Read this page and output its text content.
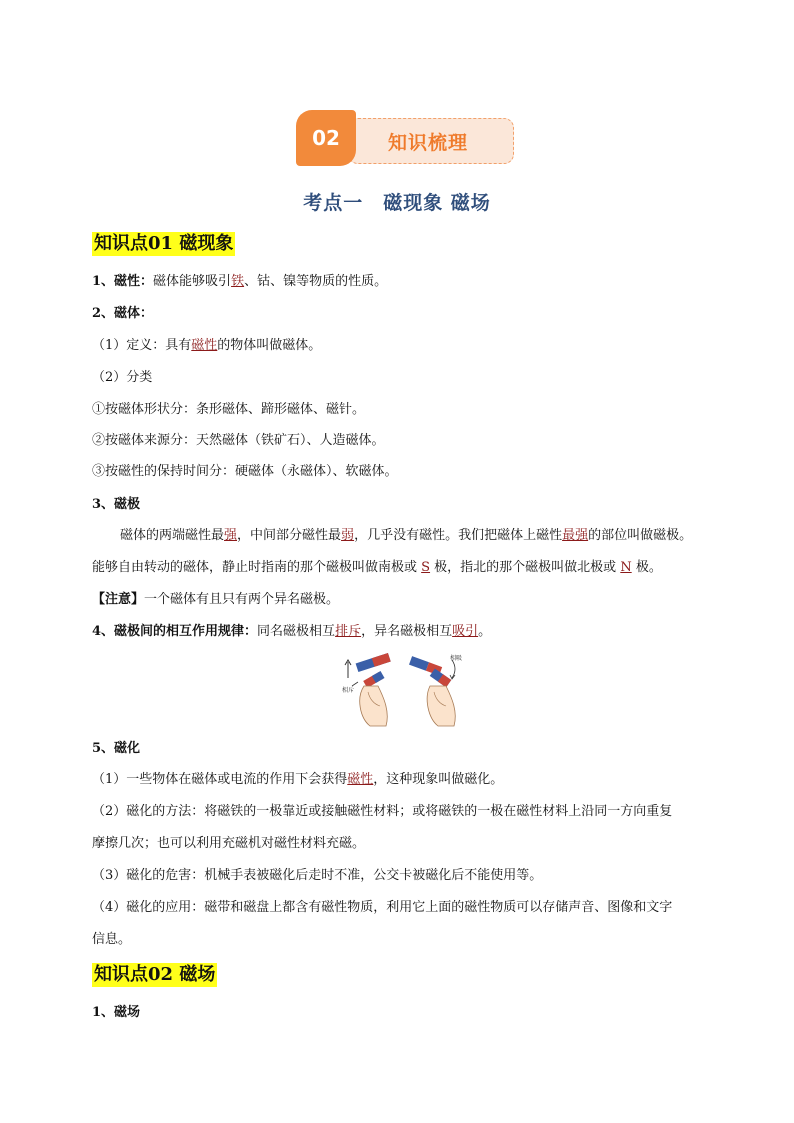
知识梳理
02
考点一　磁现象 磁场
知识点01 磁现象
1、磁性：磁体能够吸引铁、钴、镍等物质的性质。
2、磁体：
（1）定义：具有磁性的物体叫做磁体。
（2）分类
①按磁体形状分：条形磁体、蹄形磁体、磁针。
②按磁体来源分：天然磁体（铁矿石）、人造磁体。
③按磁性的保持时间分：硬磁体（永磁体）、软磁体。
3、磁极
磁体的两端磁性最强，中间部分磁性最弱，几乎没有磁性。我们把磁体上磁性最强的部位叫做磁极。
能够自由转动的磁体，静止时指南的那个磁极叫做南极或 S 极，指北的那个磁极叫做北极或 N 极。
【注意】一个磁体有且只有两个异名磁极。
4、磁极间的相互作用规律：同名磁极相互排斥，异名磁极相互吸引。
相斥
相吸
5、磁化
（1）一些物体在磁体或电流的作用下会获得磁性，这种现象叫做磁化。
（2）磁化的方法：将磁铁的一极靠近或接触磁性材料；或将磁铁的一极在磁性材料上沿同一方向重复
摩擦几次；也可以利用充磁机对磁性材料充磁。
（3）磁化的危害：机械手表被磁化后走时不准，公交卡被磁化后不能使用等。
（4）磁化的应用：磁带和磁盘上都含有磁性物质，利用它上面的磁性物质可以存储声音、图像和文字
信息。
知识点02 磁场
1、磁场
